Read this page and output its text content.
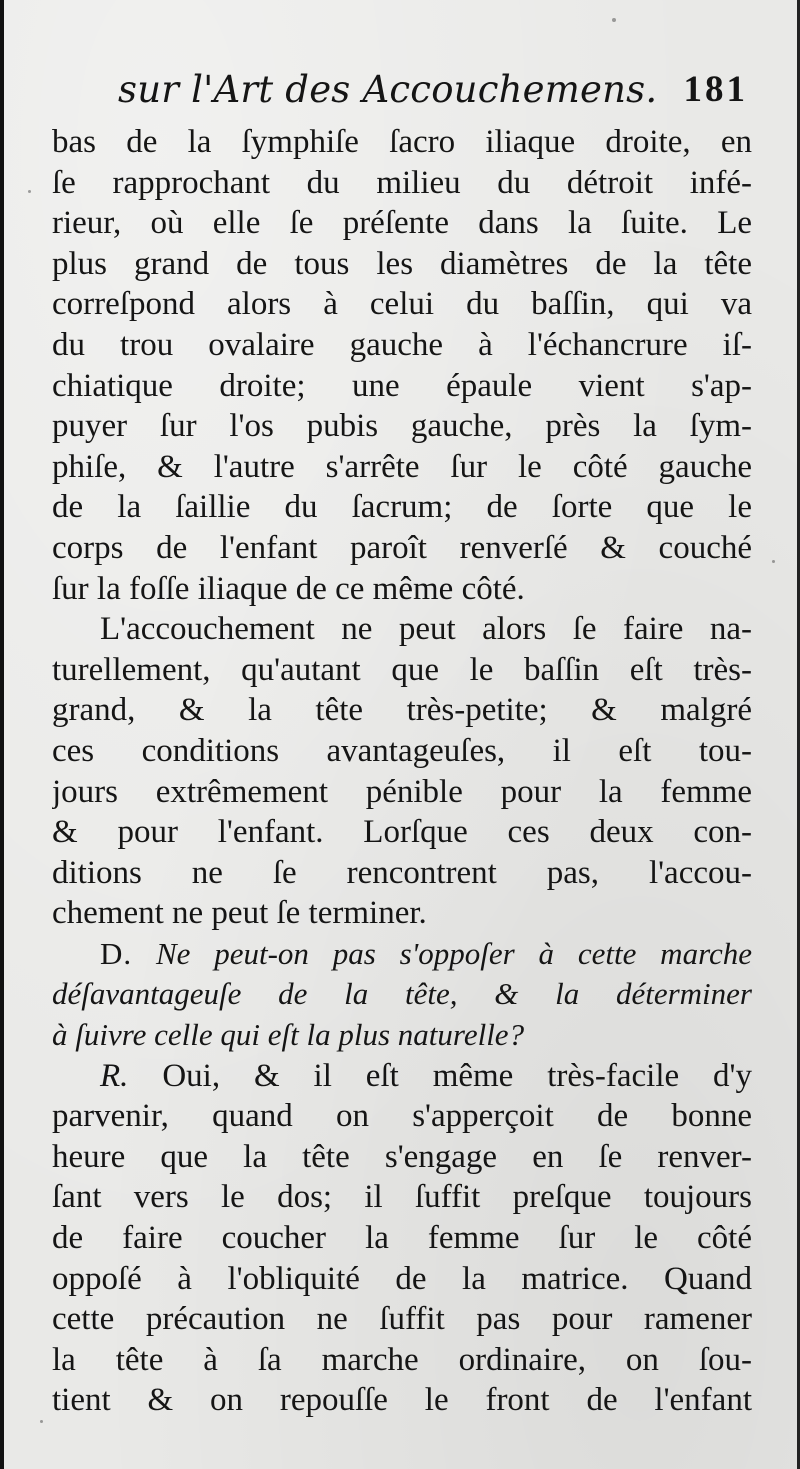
sur l'Art des Accouchemens. 181
bas de la ſymphiſe ſacro iliaque droite, en
ſe rapprochant du milieu du détroit infé-
rieur, où elle ſe préſente dans la ſuite. Le
plus grand de tous les diamètres de la tête
correſpond alors à celui du baſſin, qui va
du trou ovalaire gauche à l'échancrure iſ-
chiatique droite; une épaule vient s'ap-
puyer ſur l'os pubis gauche, près la ſym-
phiſe, & l'autre s'arrête ſur le côté gauche
de la ſaillie du ſacrum; de ſorte que le
corps de l'enfant paroît renverſé & couché
ſur la foſſe iliaque de ce même côté.
L'accouchement ne peut alors ſe faire na-
turellement, qu'autant que le baſſin eſt très-
grand, & la tête très-petite; & malgré
ces conditions avantageuſes, il eſt tou-
jours extrêmement pénible pour la femme
& pour l'enfant. Lorſque ces deux con-
ditions ne ſe rencontrent pas, l'accou-
chement ne peut ſe terminer.
D. Ne peut-on pas s'oppoſer à cette marche
déſavantageuſe de la tête, & la déterminer
à ſuivre celle qui eſt la plus naturelle?
R. Oui, & il eſt même très-facile d'y
parvenir, quand on s'apperçoit de bonne
heure que la tête s'engage en ſe renver-
ſant vers le dos; il ſuffit preſque toujours
de faire coucher la femme ſur le côté
oppoſé à l'obliquité de la matrice. Quand
cette précaution ne ſuffit pas pour ramener
la tête à ſa marche ordinaire, on ſou-
tient & on repouſſe le front de l'enfant
